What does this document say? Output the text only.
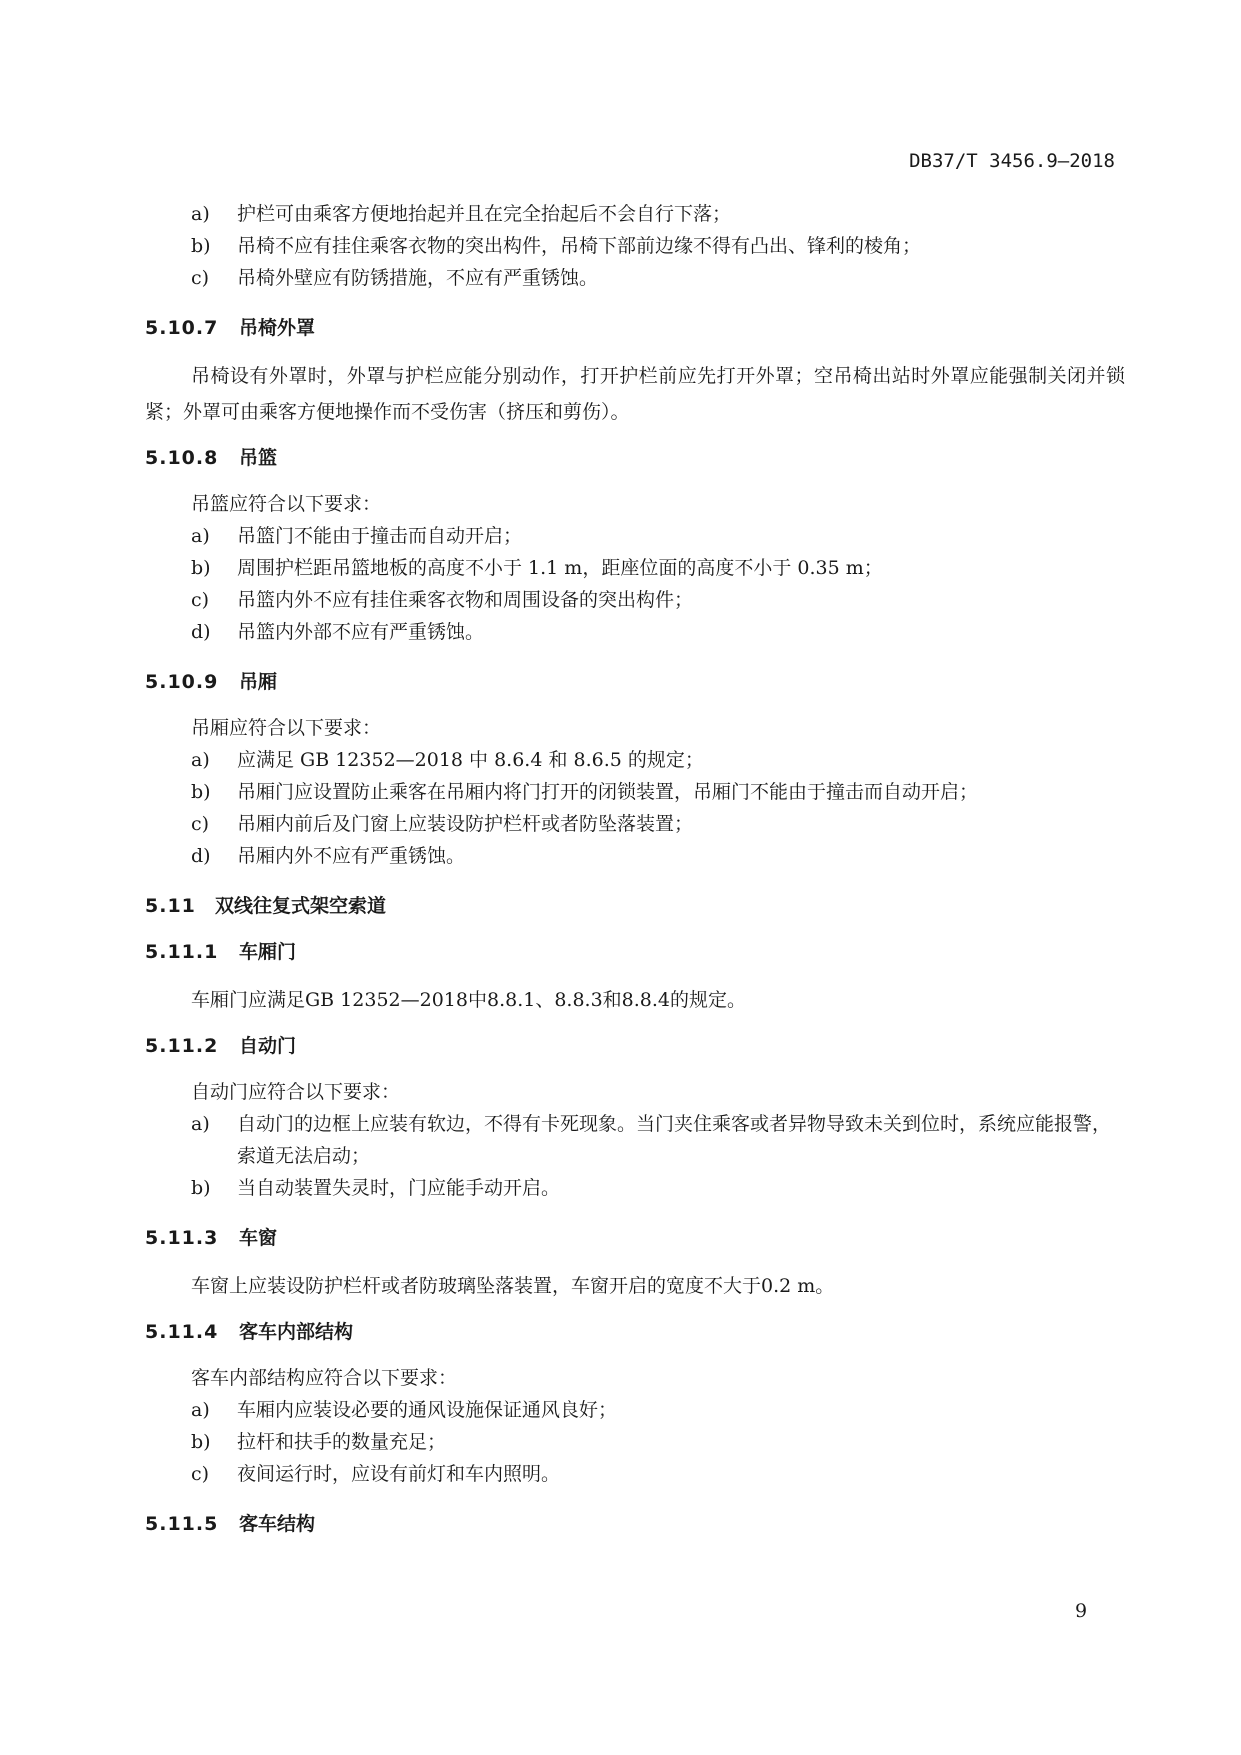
DB37/T 3456.9—2018
a) 护栏可由乘客方便地抬起并且在完全抬起后不会自行下落；
b) 吊椅不应有挂住乘客衣物的突出构件，吊椅下部前边缘不得有凸出、锋利的棱角；
c) 吊椅外壁应有防锈措施，不应有严重锈蚀。
5.10.7 吊椅外罩

吊椅设有外罩时，外罩与护栏应能分别动作，打开护栏前应先打开外罩；空吊椅出站时外罩应能强制关闭并锁紧；外罩可由乘客方便地操作而不受伤害（挤压和剪伤）。

5.10.8 吊篮
吊篮应符合以下要求：
a) 吊篮门不能由于撞击而自动开启；
b) 周围护栏距吊篮地板的高度不小于 1.1 m，距座位面的高度不小于 0.35 m；
c) 吊篮内外不应有挂住乘客衣物和周围设备的突出构件；
d) 吊篮内外部不应有严重锈蚀。
5.10.9 吊厢
吊厢应符合以下要求：
a) 应满足 GB 12352—2018 中 8.6.4 和 8.6.5 的规定；
b) 吊厢门应设置防止乘客在吊厢内将门打开的闭锁装置，吊厢门不能由于撞击而自动开启；
c) 吊厢内前后及门窗上应装设防护栏杆或者防坠落装置；
d) 吊厢内外不应有严重锈蚀。
5.11 双线往复式架空索道
5.11.1 车厢门

车厢门应满足GB 12352—2018中8.8.1、8.8.3和8.8.4的规定。

5.11.2 自动门
自动门应符合以下要求：
a) 自动门的边框上应装有软边，不得有卡死现象。当门夹住乘客或者异物导致未关到位时，系统应能报警，索道无法启动；
b) 当自动装置失灵时，门应能手动开启。
5.11.3 车窗

车窗上应装设防护栏杆或者防玻璃坠落装置，车窗开启的宽度不大于0.2 m。

5.11.4 客车内部结构
客车内部结构应符合以下要求：
a) 车厢内应装设必要的通风设施保证通风良好；
b) 拉杆和扶手的数量充足；
c) 夜间运行时，应设有前灯和车内照明。
5.11.5 客车结构
9
